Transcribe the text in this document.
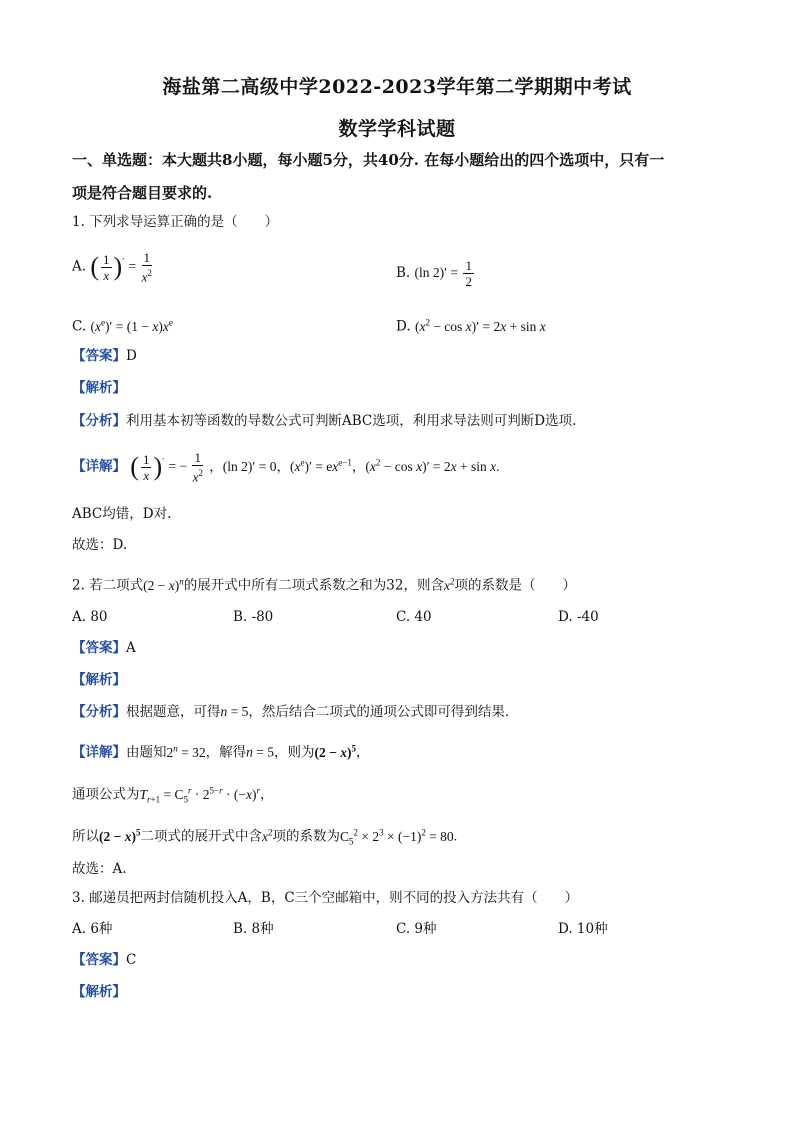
海盐第二高级中学2022-2023学年第二学期期中考试
数学学科试题
一、单选题：本大题共8小题，每小题5分，共40分. 在每小题给出的四个选项中，只有一
项是符合题目要求的.
1. 下列求导运算正确的是（　　）
A. ( $\frac{1}{x} )' = \frac{1}{x^2}$	B. (ln $2)' = \frac{1}{2}$
C. $(x^e)' = (1 - x)x^e$	D. $(x^2 - \cos x)' = 2x + \sin x$
【答案】D
【解析】
【分析】利用基本初等函数的导数公式可判断ABC选项，利用求导法则可判断D选项.
【详解】 ( $\frac{1}{x} )'$ = − $\frac{1}{x^2}$ ，(ln 2)′ = 0，$(x^e)' = ex^{e-1}$，$(x^2 - \cos x)' = 2x + \sin x$.
ABC均错，D对.
故选：D.
2. 若二项式$(2 - x)^n$的展开式中所有二项式系数之和为32，则含$x^2$项的系数是（　　）
A. 80	B. -80	C. 40	D. -40
【答案】A
【解析】
【分析】根据题意，可得n = 5，然后结合二项式的通项公式即可得到结果.
【详解】由题知$2^n = 32$，解得n = 5，则为$(2 - x)^5$，
通项公式为$T_{r+1} = C_5^r \cdot 2^{5-r} \cdot (-x)^r$，
所以$(2 - x)^5$二项式的展开式中含$x^2$项的系数为$C_5^2 \times 2^3 \times (-1)^2 = 80$.
故选：A.
3. 邮递员把两封信随机投入A，B，C三个空邮箱中，则不同的投入方法共有（　　）
A. 6种	B. 8种	C. 9种	D. 10种
【答案】C
【解析】
